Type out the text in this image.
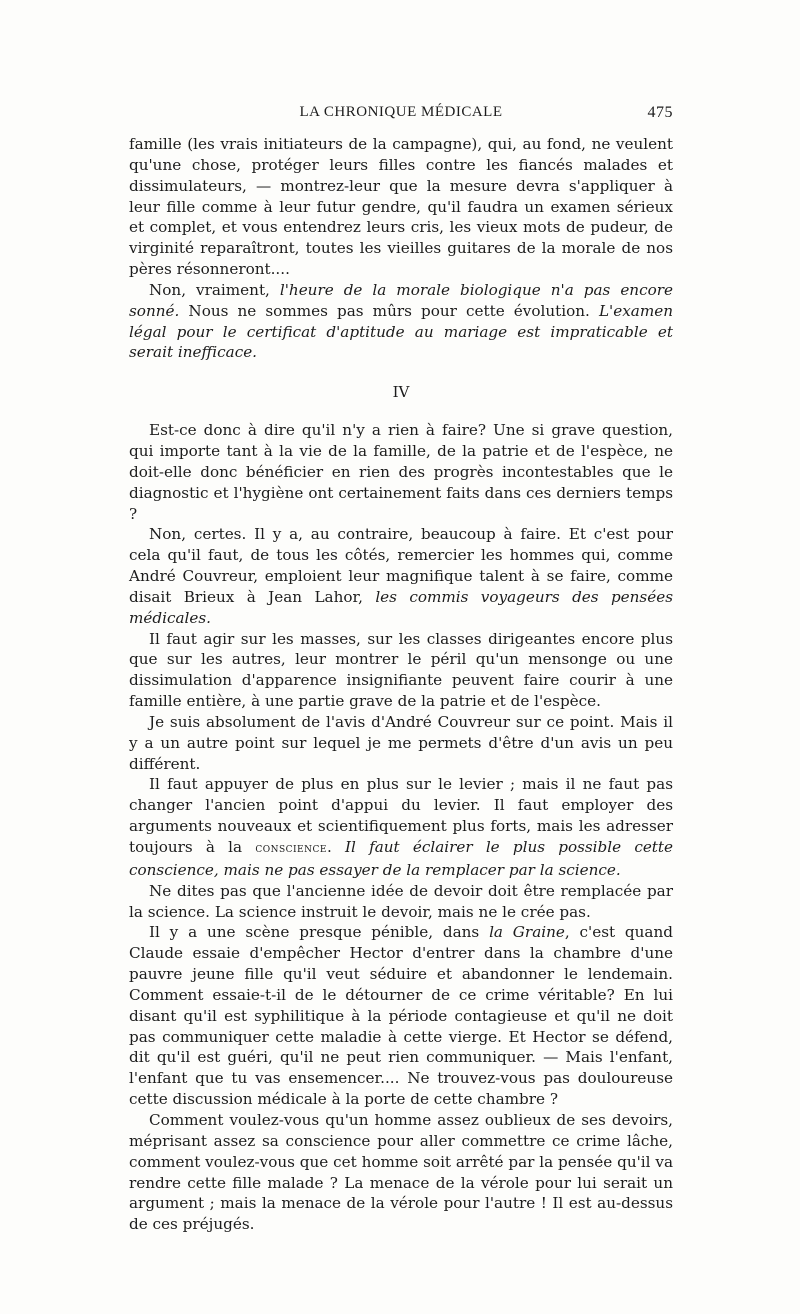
LA CHRONIQUE MÉDICALE	475

famille (les vrais initiateurs de la campagne), qui, au fond, ne veulent qu'une chose, protéger leurs filles contre les fiancés malades et dissimulateurs, — montrez-leur que la mesure devra s'appliquer à leur fille comme à leur futur gendre, qu'il faudra un examen sérieux et complet, et vous entendrez leurs cris, les vieux mots de pudeur, de virginité reparaîtront, toutes les vieilles guitares de la morale de nos pères résonneront....

Non, vraiment, l'heure de la morale biologique n'a pas encore sonné. Nous ne sommes pas mûrs pour cette évolution. L'examen légal pour le certificat d'aptitude au mariage est impraticable et serait inefficace.

IV

Est-ce donc à dire qu'il n'y a rien à faire? Une si grave question, qui importe tant à la vie de la famille, de la patrie et de l'espèce, ne doit-elle donc bénéficier en rien des progrès incontestables que le diagnostic et l'hygiène ont certainement faits dans ces derniers temps ?

Non, certes. Il y a, au contraire, beaucoup à faire. Et c'est pour cela qu'il faut, de tous les côtés, remercier les hommes qui, comme André Couvreur, emploient leur magnifique talent à se faire, comme disait Brieux à Jean Lahor, les commis voyageurs des pensées médicales.

Il faut agir sur les masses, sur les classes dirigeantes encore plus que sur les autres, leur montrer le péril qu'un mensonge ou une dissimulation d'apparence insignifiante peuvent faire courir à une famille entière, à une partie grave de la patrie et de l'espèce.

Je suis absolument de l'avis d'André Couvreur sur ce point. Mais il y a un autre point sur lequel je me permets d'être d'un avis un peu différent.

Il faut appuyer de plus en plus sur le levier ; mais il ne faut pas changer l'ancien point d'appui du levier. Il faut employer des arguments nouveaux et scientifiquement plus forts, mais les adresser toujours à la conscience. Il faut éclairer le plus possible cette conscience, mais ne pas essayer de la remplacer par la science.

Ne dites pas que l'ancienne idée de devoir doit être remplacée par la science. La science instruit le devoir, mais ne le crée pas.

Il y a une scène presque pénible, dans la Graine, c'est quand Claude essaie d'empêcher Hector d'entrer dans la chambre d'une pauvre jeune fille qu'il veut séduire et abandonner le lendemain. Comment essaie-t-il de le détourner de ce crime véritable? En lui disant qu'il est syphilitique à la période contagieuse et qu'il ne doit pas communiquer cette maladie à cette vierge. Et Hector se défend, dit qu'il est guéri, qu'il ne peut rien communiquer. — Mais l'enfant, l'enfant que tu vas ensemencer.... Ne trouvez-vous pas douloureuse cette discussion médicale à la porte de cette chambre ?

Comment voulez-vous qu'un homme assez oublieux de ses devoirs, méprisant assez sa conscience pour aller commettre ce crime lâche, comment voulez-vous que cet homme soit arrêté par la pensée qu'il va rendre cette fille malade ? La menace de la vérole pour lui serait un argument ; mais la menace de la vérole pour l'autre ! Il est au-dessus de ces préjugés.
